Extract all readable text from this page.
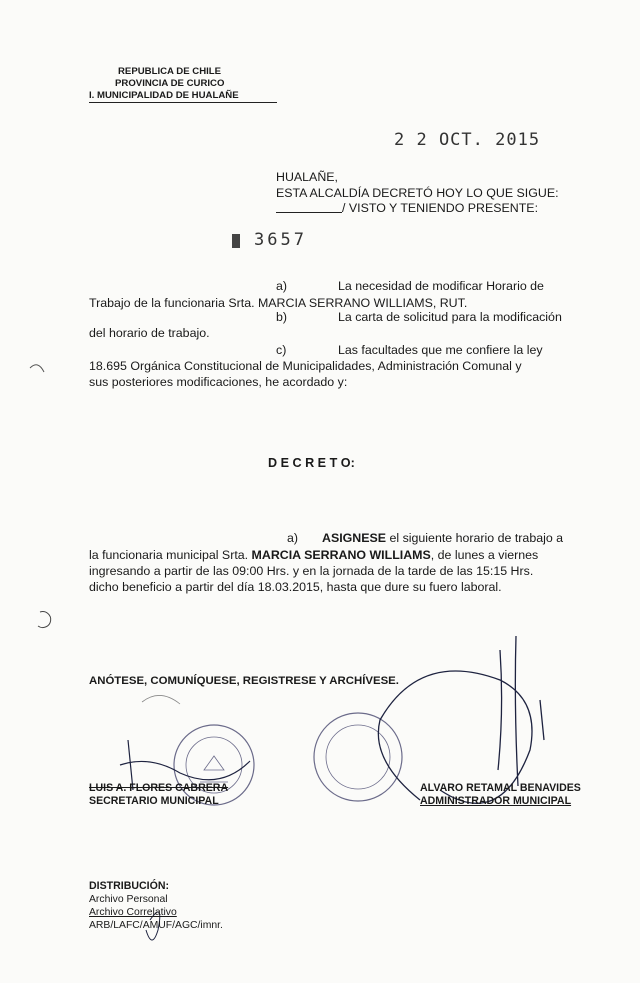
REPUBLICA DE CHILE
PROVINCIA DE CURICO
I. MUNICIPALIDAD DE HUALAÑE
2 2 OCT. 2015
HUALAÑE,
ESTA ALCALDÍA DECRETÓ HOY LO QUE SIGUE:
/ VISTO Y TENIENDO PRESENTE:
3657
a)	La necesidad de modificar Horario de
Trabajo de la funcionaria Srta. MARCIA SERRANO WILLIAMS, RUT.
b)	La carta de solicitud para la modificación
del horario de trabajo.
c)	Las facultades que me confiere la ley
18.695 Orgánica Constitucional de Municipalidades, Administración Comunal y
sus posteriores modificaciones, he acordado y:
D E C R E T O:
a) ASIGNESE el siguiente horario de trabajo a
la funcionaria municipal Srta. MARCIA SERRANO WILLIAMS, de lunes a viernes
ingresando a partir de las 09:00 Hrs. y en la jornada de la tarde de las 15:15 Hrs.
dicho beneficio a partir del día 18.03.2015, hasta que dure su fuero laboral.
ANÓTESE, COMUNÍQUESE, REGISTRESE Y ARCHÍVESE.
LUIS A. FLORES CABRERA
SECRETARIO MUNICIPAL
ALVARO RETAMAL BENAVIDES
ADMINISTRADOR MUNICIPAL
DISTRIBUCIÓN:
Archivo Personal
Archivo Correlativo
ARB/LAFC/AMUF/AGC/imnr.
